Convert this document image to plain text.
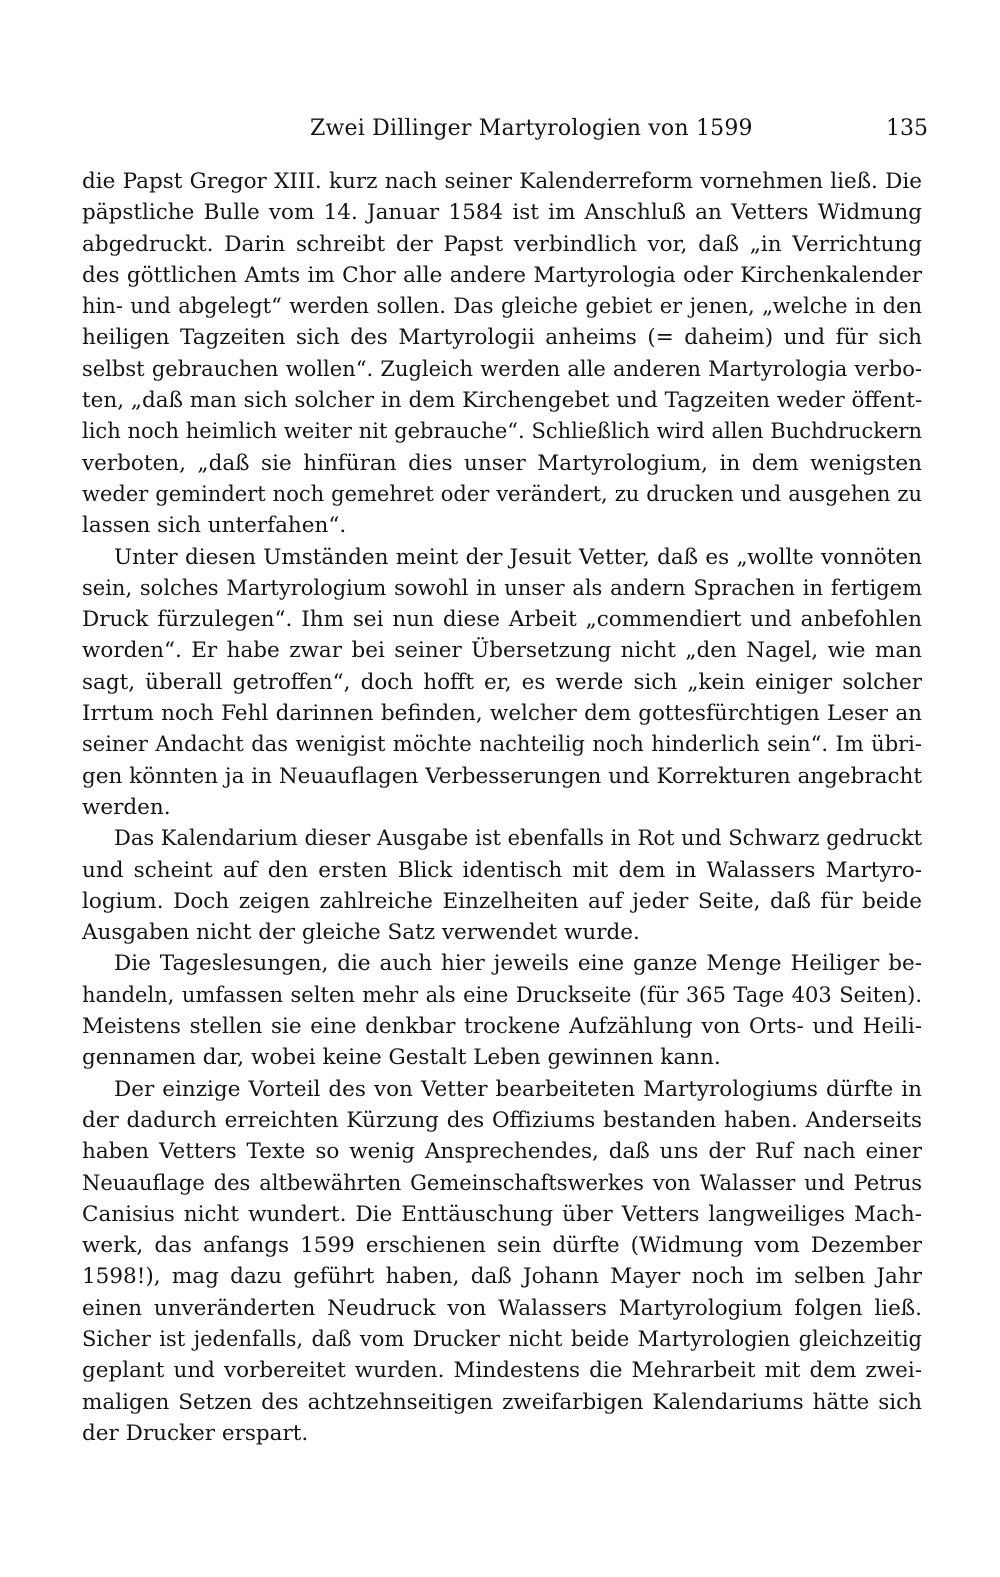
Zwei Dillinger Martyrologien von 1599	135

die Papst Gregor XIII. kurz nach seiner Kalenderreform vornehmen ließ. Die
päpstliche Bulle vom 14. Januar 1584 ist im Anschluß an Vetters Widmung
abgedruckt. Darin schreibt der Papst verbindlich vor, daß „in Verrichtung
des göttlichen Amts im Chor alle andere Martyrologia oder Kirchenkalender
hin- und abgelegt“ werden sollen. Das gleiche gebiet er jenen, „welche in den
heiligen Tagzeiten sich des Martyrologii anheims (= daheim) und für sich
selbst gebrauchen wollen“. Zugleich werden alle anderen Martyrologia verbo-
ten, „daß man sich solcher in dem Kirchengebet und Tagzeiten weder öffent-
lich noch heimlich weiter nit gebrauche“. Schließlich wird allen Buchdruckern
verboten, „daß sie hinfüran dies unser Martyrologium, in dem wenigsten
weder gemindert noch gemehret oder verändert, zu drucken und ausgehen zu
lassen sich unterfahen“.

Unter diesen Umständen meint der Jesuit Vetter, daß es „wollte vonnöten
sein, solches Martyrologium sowohl in unser als andern Sprachen in fertigem
Druck fürzulegen“. Ihm sei nun diese Arbeit „commendiert und anbefohlen
worden“. Er habe zwar bei seiner Übersetzung nicht „den Nagel, wie man
sagt, überall getroffen“, doch hofft er, es werde sich „kein einiger solcher
Irrtum noch Fehl darinnen befinden, welcher dem gottesfürchtigen Leser an
seiner Andacht das wenigist möchte nachteilig noch hinderlich sein“. Im übri-
gen könnten ja in Neuauflagen Verbesserungen und Korrekturen angebracht
werden.

Das Kalendarium dieser Ausgabe ist ebenfalls in Rot und Schwarz gedruckt
und scheint auf den ersten Blick identisch mit dem in Walassers Martyro-
logium. Doch zeigen zahlreiche Einzelheiten auf jeder Seite, daß für beide
Ausgaben nicht der gleiche Satz verwendet wurde.

Die Tageslesungen, die auch hier jeweils eine ganze Menge Heiliger be-
handeln, umfassen selten mehr als eine Druckseite (für 365 Tage 403 Seiten).
Meistens stellen sie eine denkbar trockene Aufzählung von Orts- und Heili-
gennamen dar, wobei keine Gestalt Leben gewinnen kann.

Der einzige Vorteil des von Vetter bearbeiteten Martyrologiums dürfte in
der dadurch erreichten Kürzung des Offiziums bestanden haben. Anderseits
haben Vetters Texte so wenig Ansprechendes, daß uns der Ruf nach einer
Neuauflage des altbewährten Gemeinschaftswerkes von Walasser und Petrus
Canisius nicht wundert. Die Enttäuschung über Vetters langweiliges Mach-
werk, das anfangs 1599 erschienen sein dürfte (Widmung vom Dezember
1598!), mag dazu geführt haben, daß Johann Mayer noch im selben Jahr
einen unveränderten Neudruck von Walassers Martyrologium folgen ließ.
Sicher ist jedenfalls, daß vom Drucker nicht beide Martyrologien gleichzeitig
geplant und vorbereitet wurden. Mindestens die Mehrarbeit mit dem zwei-
maligen Setzen des achtzehnseitigen zweifarbigen Kalendariums hätte sich
der Drucker erspart.
